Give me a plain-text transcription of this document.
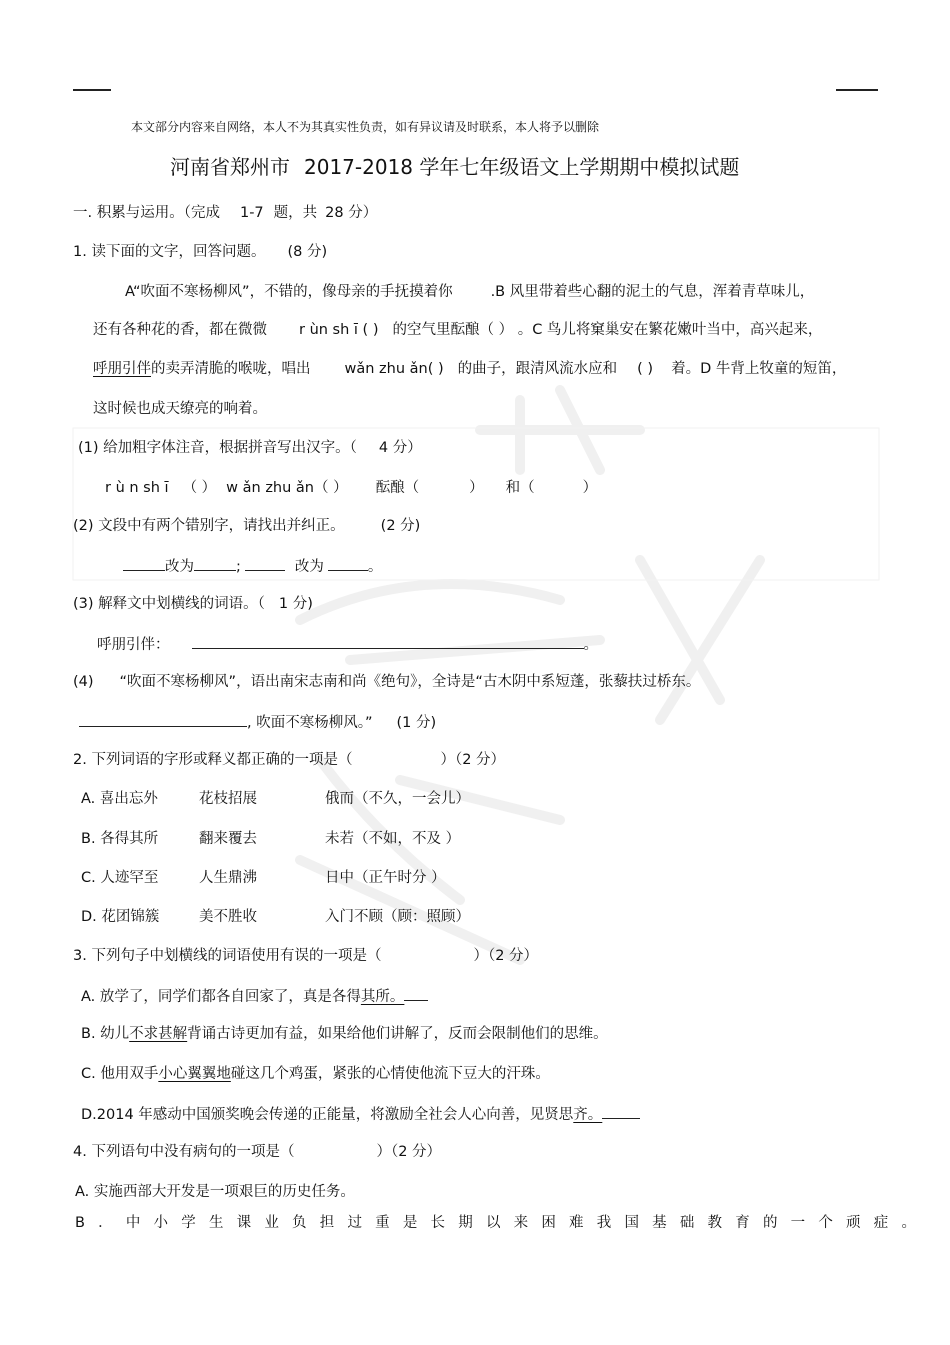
本文部分内容来自网络，本人不为其真实性负责，如有异议请及时联系，本人将予以删除
河南省郑州市 2017-2018 学年七年级语文上学期期中模拟试题
一. 积累与运用。（完成 1-7 题，共 28 分）
1. 读下面的文字，回答问题。 (8 分)
A“吹面不寒杨柳风”，不错的，像母亲的手抚摸着你	.B 风里带着些心翻的泥土的气息，浑着青草味儿，
还有各种花的香，都在微微 r ùn sh ī ( ) 的空气里酝酿（ ） 。C 鸟儿将窠巢安在繁花嫩叶当中，高兴起来，
呼朋引伴的卖弄清脆的喉咙，唱出 wǎn zhu ǎn( ) 的曲子，跟清风流水应和 ( ) 着。D 牛背上牧童的短笛，
这时候也成天缭亮的响着。
(1) 给加粗字体注音，根据拼音写出汉字。（ 4 分）
r ù n sh ī （ ） w ǎn zhu ǎn（ ） 酝酿（	） 和（	）
(2) 文段中有两个错别字，请找出并纠正。 (2 分)
改为	;	改为	。
(3) 解释文中划横线的词语。（ 1 分)
呼朋引伴：	。
(4) “吹面不寒杨柳风”，语出南宋志南和尚《绝句》，全诗是“古木阴中系短蓬，张藜扶过桥东。
, 吹面不寒杨柳风。” (1 分)
2. 下列词语的字形或释义都正确的一项是（	）（2 分）
A. 喜出忘外	花枝招展	俄而（不久，一会儿）
B. 各得其所	翻来覆去	未若（不如，不及 ）
C. 人迹罕至	人生鼎沸	日中（正午时分 ）
D. 花团锦簇	美不胜收	入门不顾（顾：照顾）
3. 下列句子中划横线的词语使用有误的一项是（	）（2 分）
A. 放学了，同学们都各自回家了，真是各得其所。
B. 幼儿不求甚解背诵古诗更加有益，如果给他们讲解了，反而会限制他们的思维。
C. 他用双手小心翼翼地碰这几个鸡蛋，紧张的心情使他流下豆大的汗珠。
D.2014 年感动中国颁奖晚会传递的正能量，将激励全社会人心向善，见贤思齐。
4. 下列语句中没有病句的一项是（	）（2 分）
A. 实施西部大开发是一项艰巨的历史任务。
B．中小学生课业负担过重是长期以来困难我国基础教育的一个顽症。
